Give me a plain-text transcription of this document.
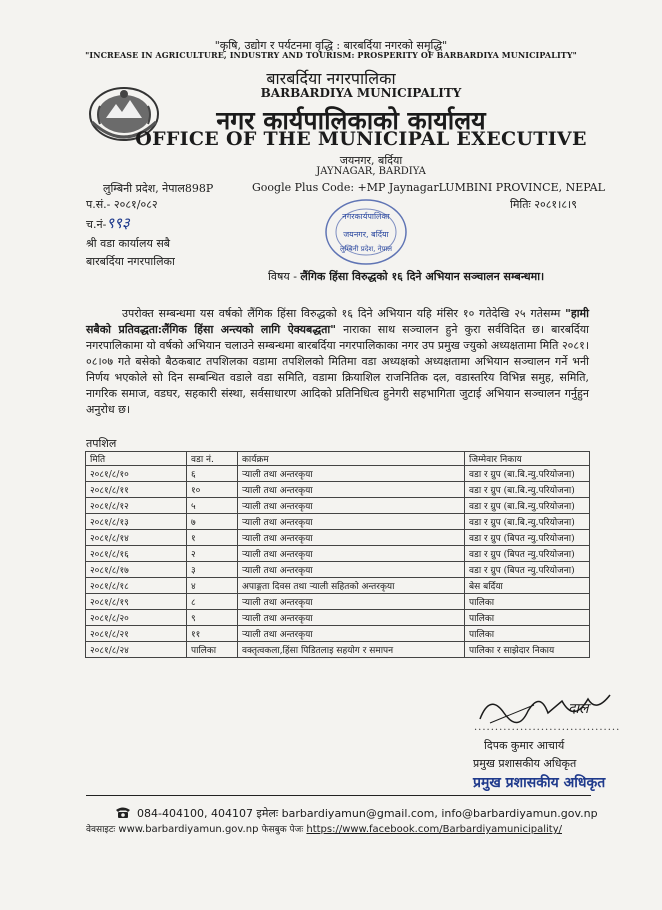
"कृषि, उद्योग र पर्यटनमा वृद्धि : बारबर्दिया नगरको समृद्धि"
"INCREASE IN AGRICULTURE, INDUSTRY AND TOURISM: PROSPERITY OF BARBARDIYA MUNICIPALITY"
बारबर्दिया नगरपालिका
BARBARDIYA MUNICIPALITY
नगर कार्यपालिकाको कार्यालय
OFFICE OF THE MUNICIPAL EXECUTIVE
जयनगर, बर्दिया
JAYNAGAR, BARDIYA
लुम्बिनी प्रदेश, नेपाल898P	Google Plus Code: +MP JaynagarLUMBINI PROVINCE, NEPAL
प.सं.- २०८१/०८२	मितिः २०८१।८।९
च.नं-९९३	नगरकार्यपालिका
जयनगर, बर्दिया
लुम्बिनी प्रदेश, नेपाल
श्री वडा कार्यालय सबै
बारबर्दिया नगरपालिका
विषय - लैंगिक हिंसा विरुद्धको १६ दिने अभियान सञ्चालन सम्बन्धमा।
उपरोक्त सम्बन्धमा यस वर्षको लैंगिक हिंसा विरुद्धको १६ दिने अभियान यहि मंसिर १० गतेदेखि २५ गतेसम्म "हामी सबैको प्रतिवद्धता:लैंगिक हिंसा अन्त्यको लागि ऐक्यबद्धता" नाराका साथ सञ्चालन हुने कुरा सर्वविदित छ। बारबर्दिया नगरपालिकामा यो वर्षको अभियान चलाउने सम्बन्धमा बारबर्दिया नगरपालिकाका नगर उप प्रमुख ज्युको अध्यक्षतामा मिति २०८१।०८।०७ गते बसेको बैठकबाट तपशिलका वडामा तपशिलको मितिमा वडा अध्यक्षको अध्यक्षतामा अभियान सञ्चालन गर्ने भनी निर्णय भएकोले सो दिन सम्बन्धित वडाले वडा समिति, वडामा क्रियाशिल राजनितिक दल, वडास्तरिय विभिन्न समुह, समिति, नागरिक समाज, वडघर, सहकारी संस्था, सर्वसाधारण आदिको प्रतिनिधित्व हुनेगरी सहभागिता जुटाई अभियान सञ्चालन गर्नुहुन अनुरोध छ।
तपशिल
मिति	वडा नं.	कार्यक्रम	जिम्मेवार निकाय
२०८१/८/१०	६	र्‍याली तथा अन्तरकृया	वडा र ग्रुप (बा.बि.न्यु.परियोजना)
२०८१/८/११	१०	र्‍याली तथा अन्तरकृया	वडा र ग्रुप (बा.बि.न्यु.परियोजना)
२०८१/८/१२	५	र्‍याली तथा अन्तरकृया	वडा र ग्रुप (बा.बि.न्यु.परियोजना)
२०८१/८/१३	७	र्‍याली तथा अन्तरकृया	वडा र ग्रुप (बा.बि.न्यु.परियोजना)
२०८१/८/१४	१	र्‍याली तथा अन्तरकृया	वडा र ग्रुप (बिपत न्यु.परियोजना)
२०८१/८/१६	२	र्‍याली तथा अन्तरकृया	वडा र ग्रुप (बिपत न्यु.परियोजना)
२०८१/८/१७	३	र्‍याली तथा अन्तरकृया	वडा र ग्रुप (बिपत न्यु.परियोजना)
२०८१/८/१८	४	अपाङ्गता दिवस तथा र्‍याली सहितको अन्तरकृया	बेस बर्दिया
२०८१/८/१९	८	र्‍याली तथा अन्तरकृया	पालिका
२०८१/८/२०	९	र्‍याली तथा अन्तरकृया	पालिका
२०८१/८/२१	११	र्‍याली तथा अन्तरकृया	पालिका
२०८१/८/२४	पालिका	वक्तृत्वकला,हिंसा पिडितलाइ सहयोग र समापन	पालिका र साझेदार निकाय
दाल
...................................
दिपक कुमार आचार्य
प्रमुख प्रशासकीय अधिकृत
प्रमुख प्रशासकीय अधिकृत
084-404100, 404107 इमेलः barbardiyamun@gmail.com, info@barbardiyamun.gov.np
वेवसाइटः www.barbardiyamun.gov.np फेसबुक पेजः https://www.facebook.com/Barbardiyamunicipality/
